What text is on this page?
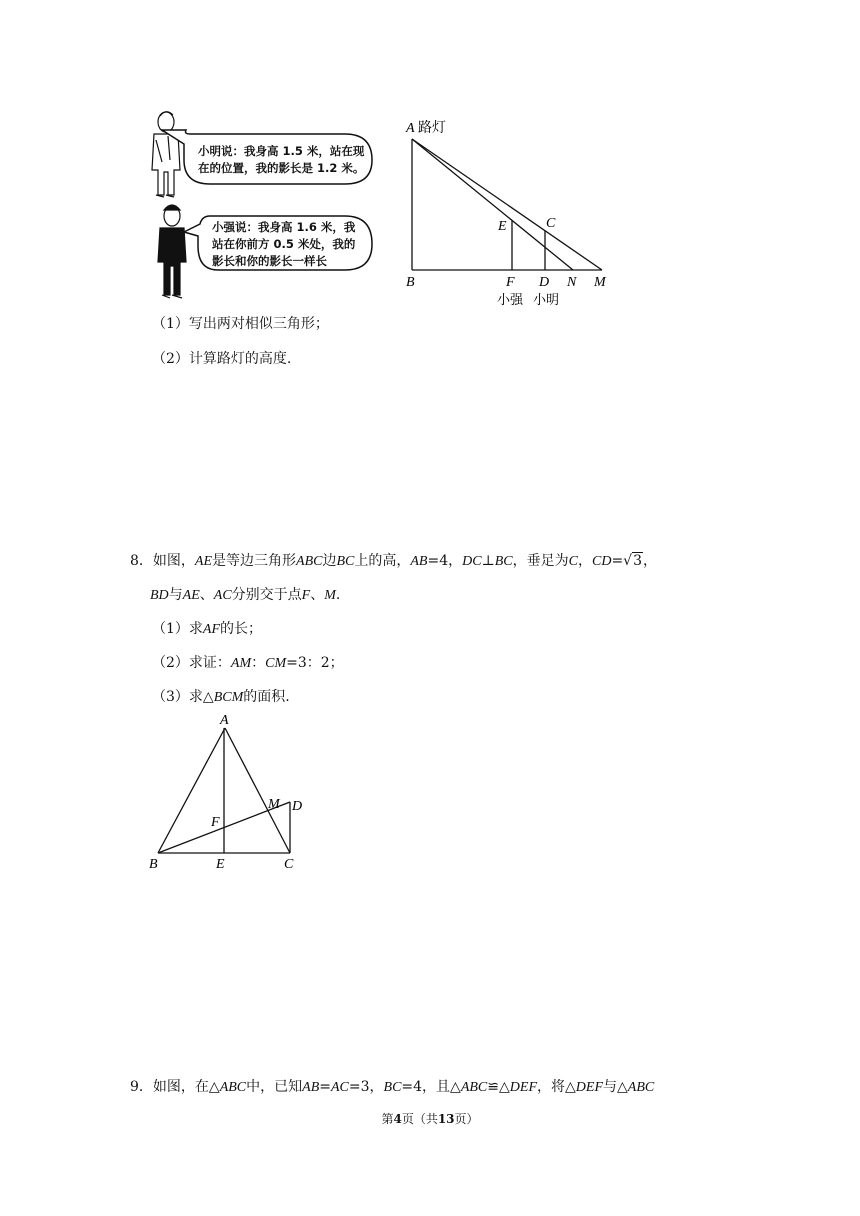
小明说：我身高 1.5 米，站在现
在的位置，我的影长是 1.2 米。
小强说：我身高 1.6 米，我
站在你前方 0.5 米处，我的
影长和你的影长一样长
A 路灯
B
E	C
F D N M
小强 小明
（1）写出两对相似三角形；
（2）计算路灯的高度.
8．如图，AE是等边三角形ABC边BC上的高，AB=4，DC⊥BC，垂足为C，CD=√3，
BD与AE、AC分别交于点F、M.
（1）求AF的长；
（2）求证：AM：CM=3：2；
（3）求△BCM的面积.
A
M D
F
B	E	C
9．如图，在△ABC中，已知AB=AC=3，BC=4，且△ABC≌△DEF，将△DEF与△ABC
第4页（共13页）
